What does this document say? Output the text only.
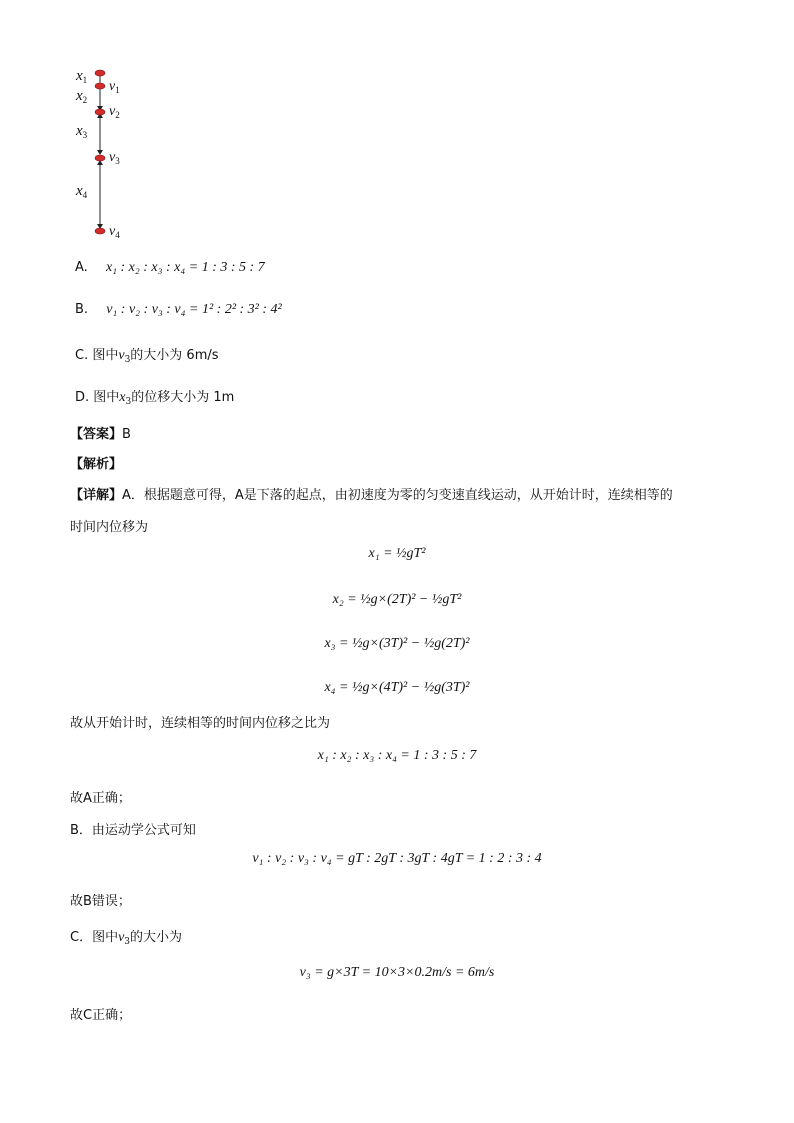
$x_1$
$x_2$
$x_3$
$x_4$
$v_1$
$v_2$
$v_3$
$v_4$
A. x₁ : x₂ : x₃ : x₄ = 1 : 3 : 5 : 7
B. v₁ : v₂ : v₃ : v₄ = 1² : 2² : 3² : 4²
C. 图中$v_3$的大小为 6m/s
D. 图中$x_3$的位移大小为 1m
【答案】B
【解析】
【详解】A．根据题意可得，A是下落的起点，由初速度为零的匀变速直线运动，从开始计时，连续相等的
时间内位移为
x₁ = ½gT²
x₂ = ½g×(2T)² − ½gT²
x₃ = ½g×(3T)² − ½g(2T)²
x₄ = ½g×(4T)² − ½g(3T)²
故从开始计时，连续相等的时间内位移之比为
x₁ : x₂ : x₃ : x₄ = 1 : 3 : 5 : 7
故A正确；
B．由运动学公式可知
v₁ : v₂ : v₃ : v₄ = gT : 2gT : 3gT : 4gT = 1 : 2 : 3 : 4
故B错误；
C．图中$v_3$的大小为
v₃ = g×3T = 10×3×0.2m/s = 6m/s
故C正确；
